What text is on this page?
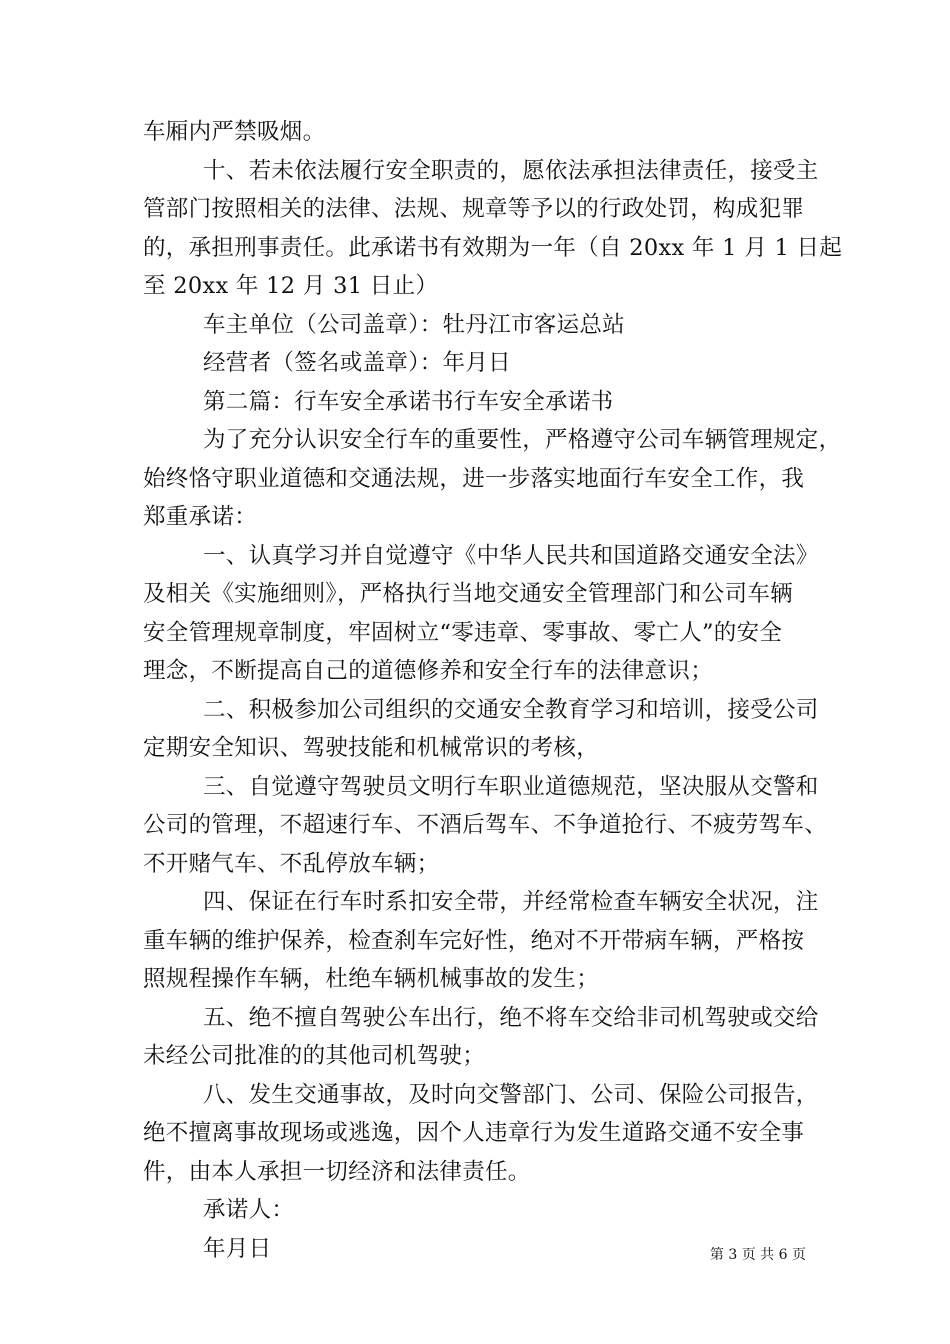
车厢内严禁吸烟。
十、若未依法履行安全职责的，愿依法承担法律责任，接受主
管部门按照相关的法律、法规、规章等予以的行政处罚，构成犯罪
的，承担刑事责任。此承诺书有效期为一年（自 20xx 年 1 月 1 日起
至 20xx 年 12 月 31 日止）
车主单位（公司盖章）：牡丹江市客运总站
经营者（签名或盖章）：年月日
第二篇：行车安全承诺书行车安全承诺书
为了充分认识安全行车的重要性，严格遵守公司车辆管理规定，
始终恪守职业道德和交通法规，进一步落实地面行车安全工作，我
郑重承诺：
一、认真学习并自觉遵守《中华人民共和国道路交通安全法》
及相关《实施细则》，严格执行当地交通安全管理部门和公司车辆
安全管理规章制度，牢固树立“零违章、零事故、零亡人”的安全
理念，不断提高自己的道德修养和安全行车的法律意识；
二、积极参加公司组织的交通安全教育学习和培训，接受公司
定期安全知识、驾驶技能和机械常识的考核，
三、自觉遵守驾驶员文明行车职业道德规范，坚决服从交警和
公司的管理，不超速行车、不酒后驾车、不争道抢行、不疲劳驾车、
不开赌气车、不乱停放车辆；
四、保证在行车时系扣安全带，并经常检查车辆安全状况，注
重车辆的维护保养，检查刹车完好性，绝对不开带病车辆，严格按
照规程操作车辆，杜绝车辆机械事故的发生；
五、绝不擅自驾驶公车出行，绝不将车交给非司机驾驶或交给
未经公司批准的的其他司机驾驶；
八、发生交通事故，及时向交警部门、公司、保险公司报告，
绝不擅离事故现场或逃逸，因个人违章行为发生道路交通不安全事
件，由本人承担一切经济和法律责任。
承诺人：
年月日	第 3 页 共 6 页
